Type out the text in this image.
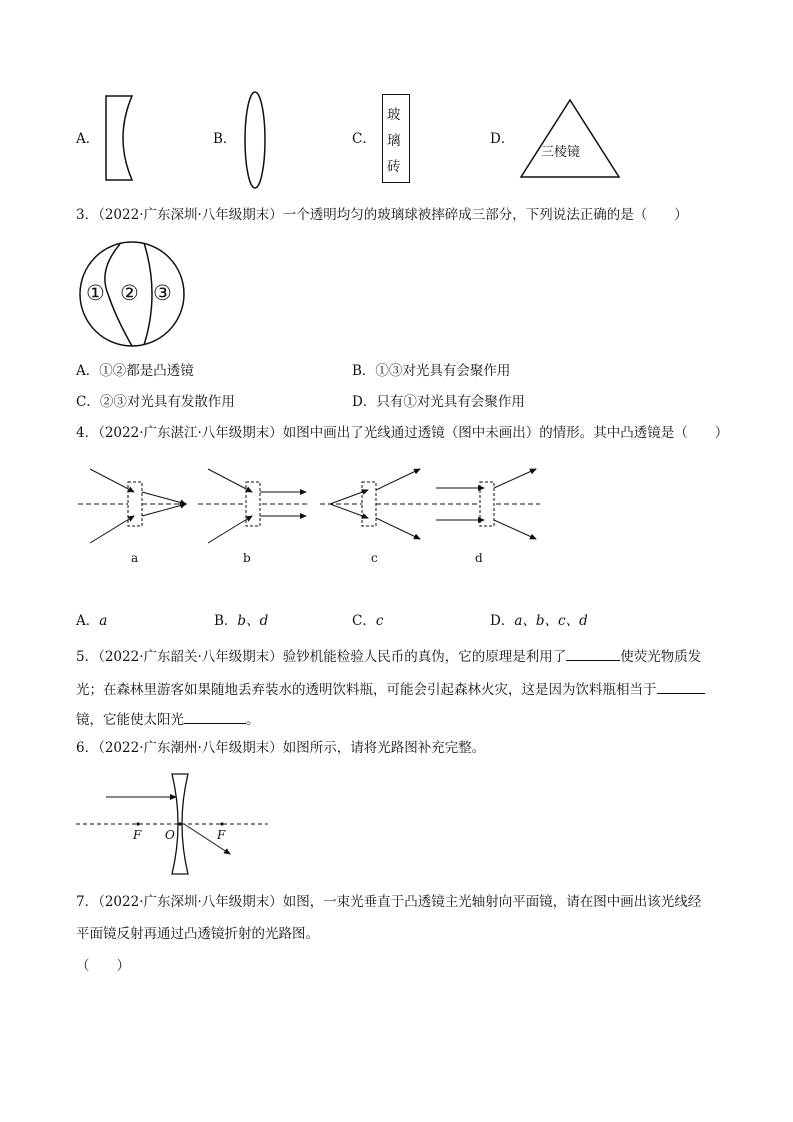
A．	B．	C．
玻
璃
砖
D．
三棱镜
3．（2022·广东深圳·八年级期末）一个透明均匀的玻璃球被摔碎成三部分，下列说法正确的是（　　）
① ② ③
A．①②都是凸透镜	B．①③对光具有会聚作用
C．②③对光具有发散作用	D．只有①对光具有会聚作用
4．（2022·广东湛江·八年级期末）如图中画出了光线通过透镜（图中未画出）的情形。其中凸透镜是（　　）
a	b	c	d
A．a	B．b、d	C．c	D．a、b、c、d
5．（2022·广东韶关·八年级期末）验钞机能检验人民币的真伪，它的原理是利用了	使荧光物质发
光；在森林里游客如果随地丢弃装水的透明饮料瓶，可能会引起森林火灾，这是因为饮料瓶相当于
镜，它能使太阳光	。
6．（2022·广东潮州·八年级期末）如图所示，请将光路图补充完整。
F O	F
7．（2022·广东深圳·八年级期末）如图，一束光垂直于凸透镜主光轴射向平面镜，请在图中画出该光线经
平面镜反射再通过凸透镜折射的光路图。
（　　）
